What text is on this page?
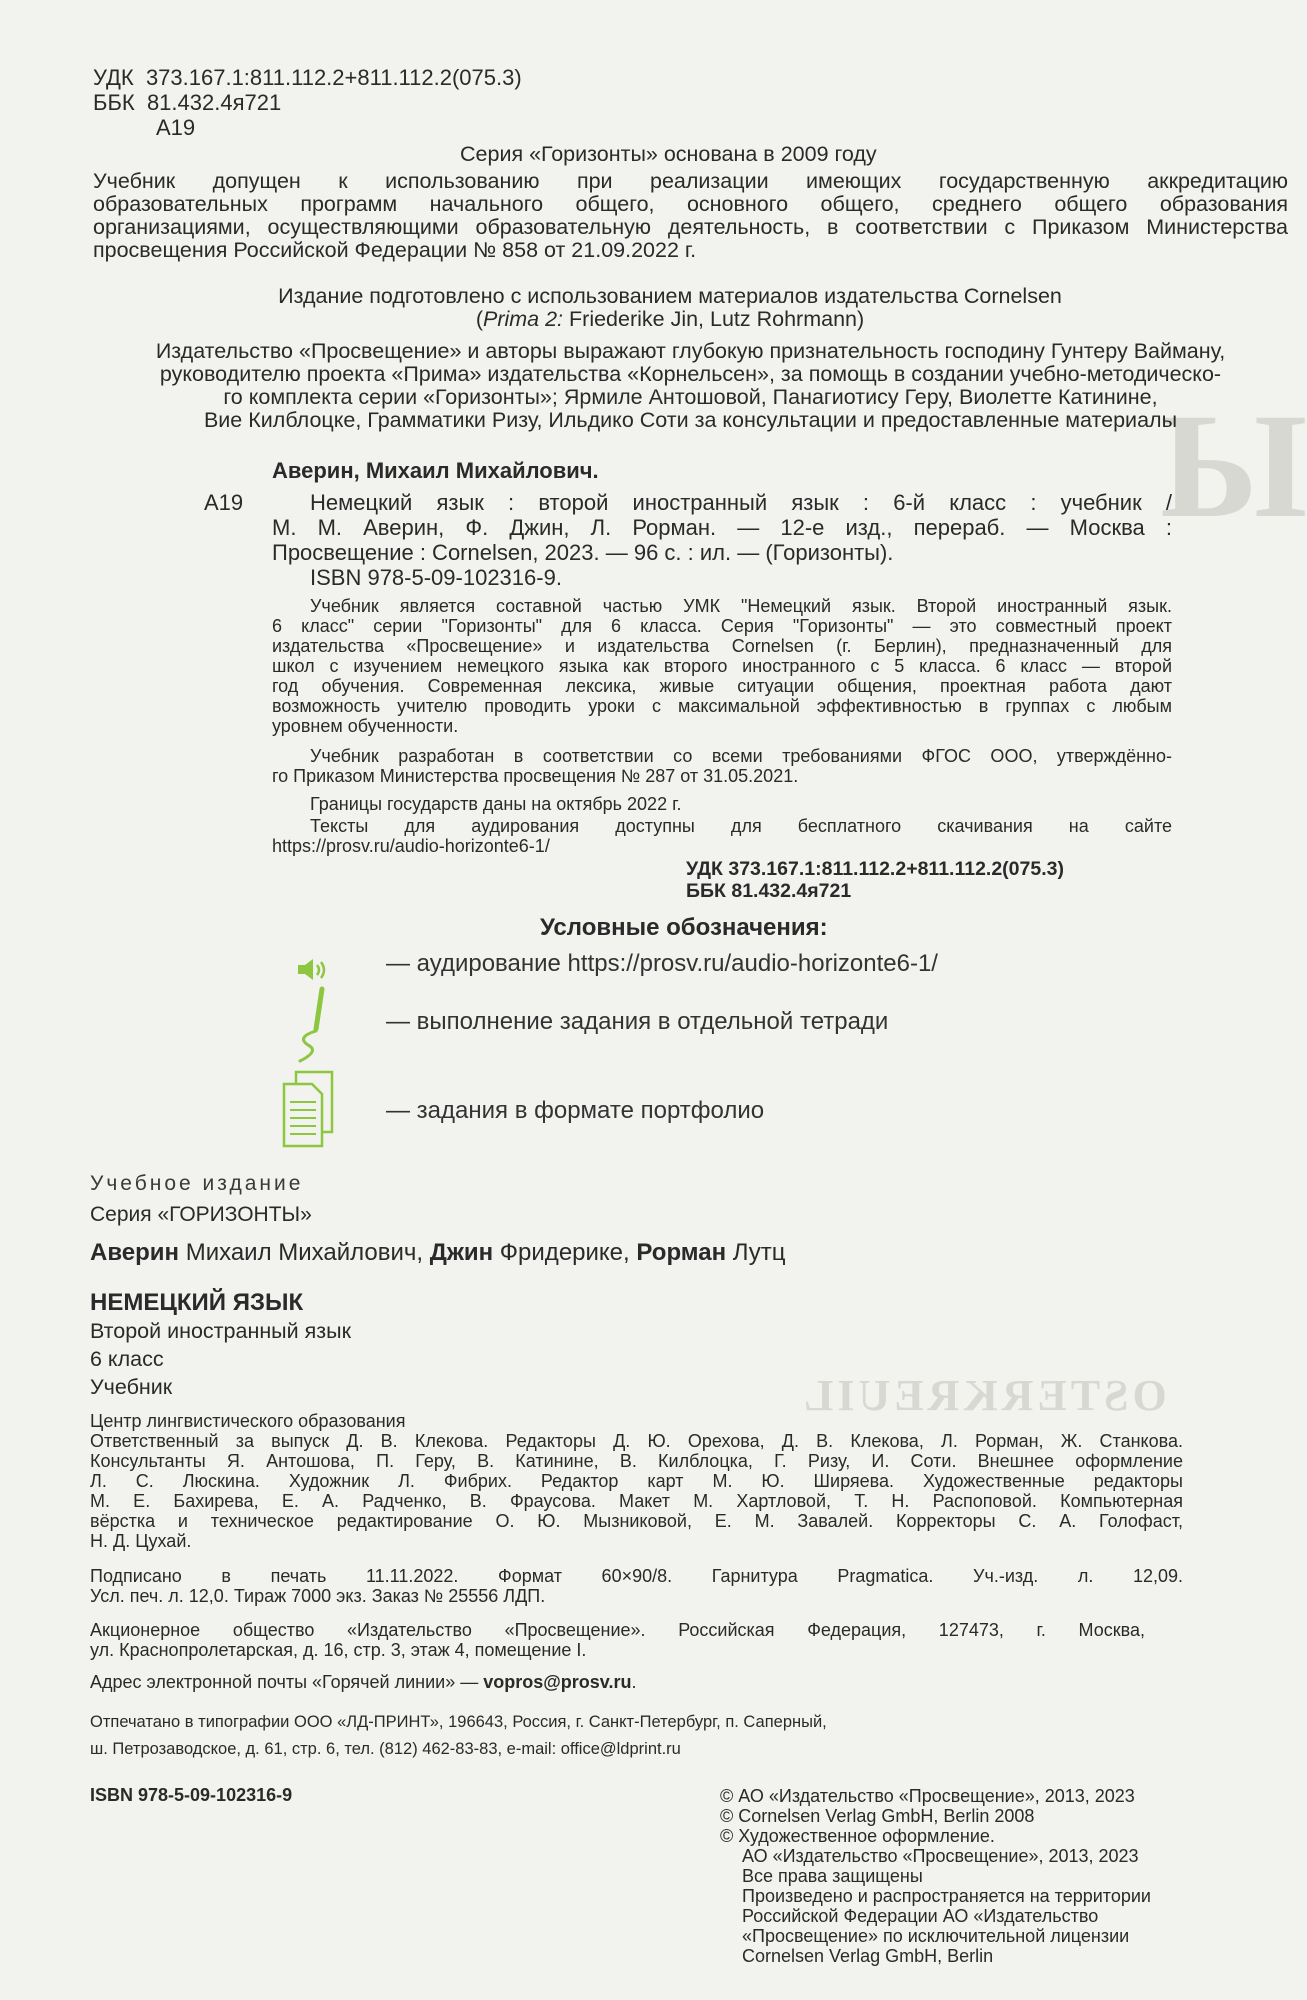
Ы
OSTERKREUIL
УДК 373.167.1:811.112.2+811.112.2(075.3)
ББК 81.432.4я721
А19
Серия «Горизонты» основана в 2009 году
Учебник допущен к использованию при реализации имеющих государственную аккредитацию
образовательных программ начального общего, основного общего, среднего общего образования
организациями, осуществляющими образовательную деятельность, в соответствии с Приказом Министерства
просвещения Российской Федерации № 858 от 21.09.2022 г.
Издание подготовлено с использованием материалов издательства Cornelsen
(Prima 2: Friederike Jin, Lutz Rohrmann)
Издательство «Просвещение» и авторы выражают глубокую признательность господину Гунтеру Вайману,
руководителю проекта «Прима» издательства «Корнельсен», за помощь в создании учебно-методическо-
го комплекта серии «Горизонты»; Ярмиле Антошовой, Панагиотису Геру, Виолетте Катинине,
Вие Килблоцке, Грамматики Ризу, Ильдико Соти за консультации и предоставленные материалы
Аверин, Михаил Михайлович.
А19	Немецкий язык : второй иностранный язык : 6-й класс : учебник /
М. М. Аверин, Ф. Джин, Л. Рорман. — 12-е изд., перераб. — Москва :
Просвещение : Cornelsen, 2023. — 96 с. : ил. — (Горизонты).
ISBN 978-5-09-102316-9.
Учебник является составной частью УМК "Немецкий язык. Второй иностранный язык.
6 класс" серии "Горизонты" для 6 класса. Серия "Горизонты" — это совместный проект
издательства «Просвещение» и издательства Cornelsen (г. Берлин), предназначенный для
школ с изучением немецкого языка как второго иностранного с 5 класса. 6 класс — второй
год обучения. Современная лексика, живые ситуации общения, проектная работа дают
возможность учителю проводить уроки с максимальной эффективностью в группах с любым
уровнем обученности.
Учебник разработан в соответствии со всеми требованиями ФГОС ООО, утверждённо-
го Приказом Министерства просвещения № 287 от 31.05.2021.
Границы государств даны на октябрь 2022 г.
Тексты для аудирования доступны для бесплатного скачивания на сайте
https://prosv.ru/audio-horizonte6-1/
УДК 373.167.1:811.112.2+811.112.2(075.3)
ББК 81.432.4я721
Условные обозначения:
— аудирование https://prosv.ru/audio-horizonte6-1/
— выполнение задания в отдельной тетради
— задания в формате портфолио
Учебное издание
Серия «ГОРИЗОНТЫ»
Аверин Михаил Михайлович, Джин Фридерике, Рорман Лутц
НЕМЕЦКИЙ ЯЗЫК
Второй иностранный язык
6 класс
Учебник
Центр лингвистического образования
Ответственный за выпуск Д. В. Клекова. Редакторы Д. Ю. Орехова, Д. В. Клекова, Л. Рорман, Ж. Станкова.
Консультанты Я. Антошова, П. Геру, В. Катинине, В. Килблоцка, Г. Ризу, И. Соти. Внешнее оформление
Л. С. Люскина. Художник Л. Фибрих. Редактор карт М. Ю. Ширяева. Художественные редакторы
М. Е. Бахирева, Е. А. Радченко, В. Фраусова. Макет М. Хартловой, Т. Н. Распоповой. Компьютерная
вёрстка и техническое редактирование О. Ю. Мызниковой, Е. М. Завалей. Корректоры С. А. Голофаст,
Н. Д. Цухай.
Подписано в печать 11.11.2022. Формат 60×90/8. Гарнитура Pragmatica. Уч.-изд. л. 12,09.
Усл. печ. л. 12,0. Тираж 7000 экз. Заказ № 25556 ЛДП.
Акционерное общество «Издательство «Просвещение». Российская Федерация, 127473, г. Москва,
ул. Краснопролетарская, д. 16, стр. 3, этаж 4, помещение I.
Адрес электронной почты «Горячей линии» — vopros@prosv.ru.
Отпечатано в типографии ООО «ЛД-ПРИНТ», 196643, Россия, г. Санкт-Петербург, п. Саперный,
ш. Петрозаводское, д. 61, стр. 6, тел. (812) 462-83-83, e-mail: office@ldprint.ru
ISBN 978-5-09-102316-9	© АО «Издательство «Просвещение», 2013, 2023
© Cornelsen Verlag GmbH, Berlin 2008
© Художественное оформление.
АО «Издательство «Просвещение», 2013, 2023
Все права защищены
Произведено и распространяется на территории
Российской Федерации АО «Издательство
«Просвещение» по исключительной лицензии
Cornelsen Verlag GmbH, Berlin
